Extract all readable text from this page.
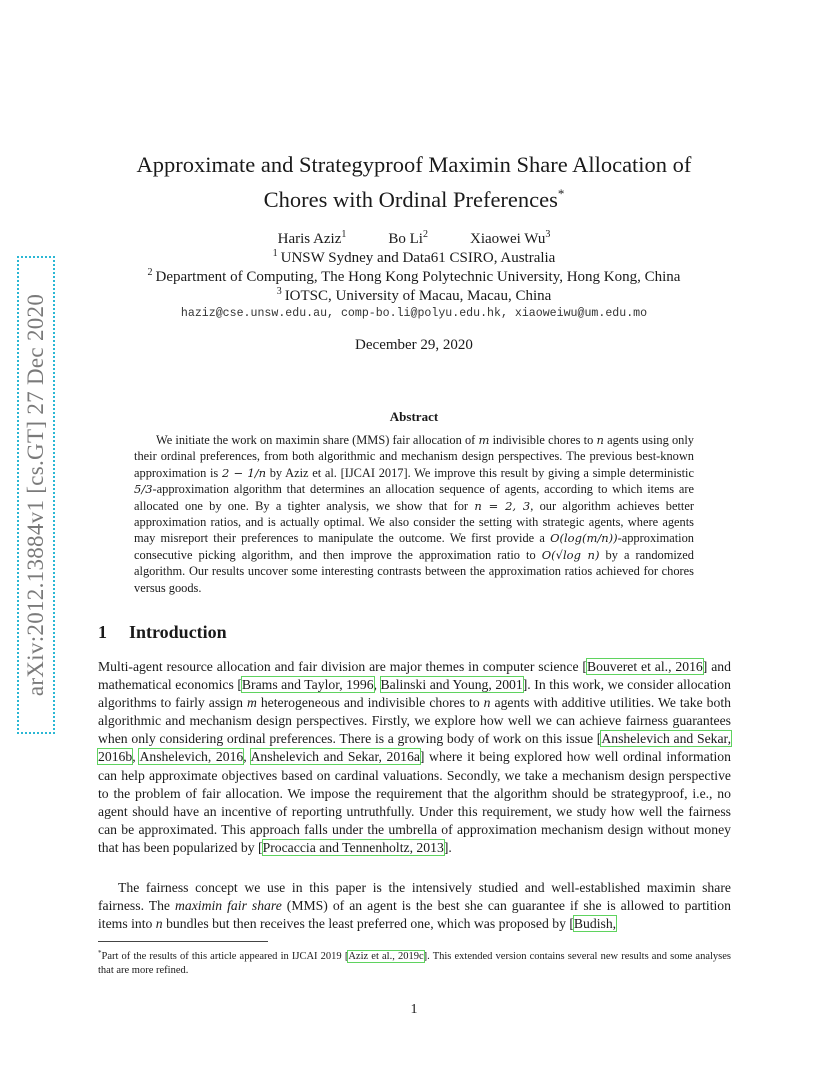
arXiv:2012.13884v1 [cs.GT] 27 Dec 2020
Approximate and Strategyproof Maximin Share Allocation of
Chores with Ordinal Preferences*
Haris Aziz$^1$	Bo Li$^2$	Xiaowei Wu$^3$
$^1$ UNSW Sydney and Data61 CSIRO, Australia
$^2$ Department of Computing, The Hong Kong Polytechnic University, Hong Kong, China
$^3$ IOTSC, University of Macau, Macau, China
haziz@cse.unsw.edu.au, comp-bo.li@polyu.edu.hk, xiaoweiwu@um.edu.mo
December 29, 2020
Abstract
We initiate the work on maximin share (MMS) fair allocation of m indivisible chores to n agents using only their ordinal preferences, from both algorithmic and mechanism design perspectives. The previous best-known approximation is 2 − 1/n by Aziz et al. [IJCAI 2017]. We improve this result by giving a simple deterministic 5/3-approximation algorithm that determines an allocation sequence of agents, according to which items are allocated one by one. By a tighter analysis, we show that for n = 2, 3, our algorithm achieves better approximation ratios, and is actually optimal. We also consider the setting with strategic agents, where agents may misreport their preferences to manipulate the outcome. We first provide a O(log(m/n))-approximation consecutive picking algorithm, and then improve the approximation ratio to O(√log n) by a randomized algorithm. Our results uncover some interesting contrasts between the approximation ratios achieved for chores versus goods.
1 Introduction
Multi-agent resource allocation and fair division are major themes in computer science [Bouveret et al., 2016] and mathematical economics [Brams and Taylor, 1996, Balinski and Young, 2001]. In this work, we consider allocation algorithms to fairly assign m heterogeneous and indivisible chores to n agents with additive utilities. We take both algorithmic and mechanism design perspectives. Firstly, we explore how well we can achieve fairness guarantees when only considering ordinal preferences. There is a growing body of work on this issue [Anshelevich and Sekar, 2016b, Anshelevich, 2016, Anshelevich and Sekar, 2016a] where it being explored how well ordinal information can help approximate objectives based on cardinal valuations. Secondly, we take a mechanism design perspective to the problem of fair allocation. We impose the requirement that the algorithm should be strategyproof, i.e., no agent should have an incentive of reporting untruthfully. Under this requirement, we study how well the fairness can be approximated. This approach falls under the umbrella of approximation mechanism design without money that has been popularized by [Procaccia and Tennenholtz, 2013].
The fairness concept we use in this paper is the intensively studied and well-established maximin share fairness. The maximin fair share (MMS) of an agent is the best she can guarantee if she is allowed to partition items into n bundles but then receives the least preferred one, which was proposed by [Budish,
*Part of the results of this article appeared in IJCAI 2019 [Aziz et al., 2019c]. This extended version contains several new results and some analyses that are more refined.
1
